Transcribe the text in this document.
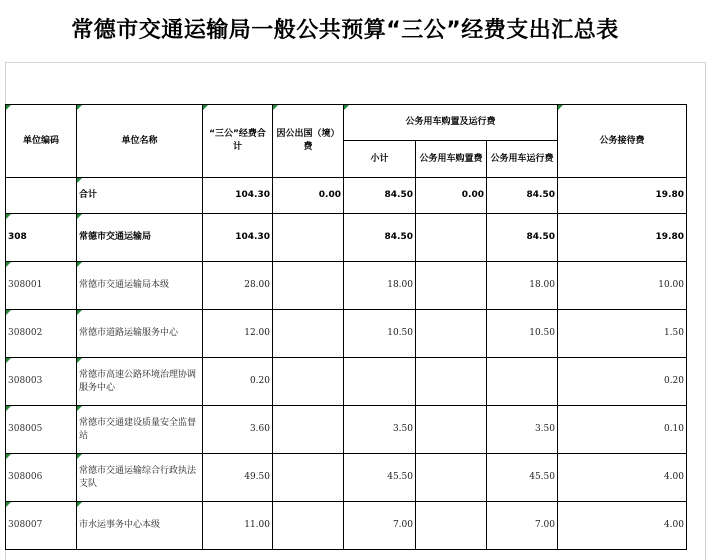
常德市交通运输局一般公共预算“三公”经费支出汇总表
单位编码	单位名称	“三公”经费合计	因公出国（境）费	公务用车购置及运行费			公务接待费
				小计	公务用车购置费	公务用车运行费	
	合计	104.30	0.00	84.50	0.00	84.50	19.80
308	常德市交通运输局	104.30		84.50		84.50	19.80
308001	常德市交通运输局本级	28.00		18.00		18.00	10.00
308002	常德市道路运输服务中心	12.00		10.50		10.50	1.50
308003	常德市高速公路环境治理协调服务中心	0.20					0.20
308005	常德市交通建设质量安全监督站	3.60		3.50		3.50	0.10
308006	常德市交通运输综合行政执法支队	49.50		45.50		45.50	4.00
308007	市水运事务中心本级	11.00		7.00		7.00	4.00
